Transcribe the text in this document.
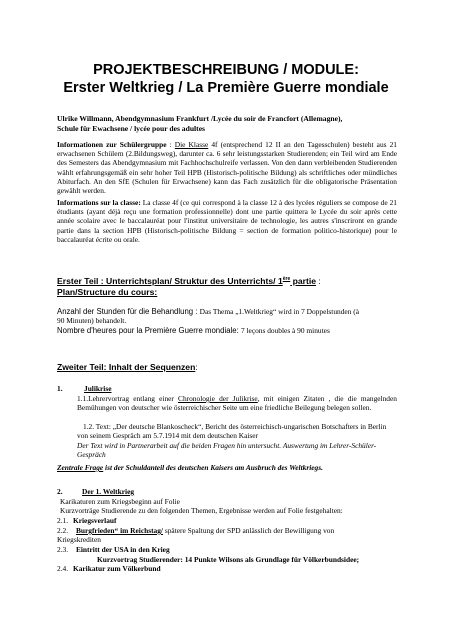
PROJEKTBESCHREIBUNG / MODULE:
Erster Weltkrieg / La Première Guerre mondiale
Ulrike Willmann, Abendgymnasium Frankfurt /Lycée du soir de Francfort (Allemagne),
Schule für Ewachsene / lycée pour des adultes
Informationen zur Schülergruppe : Die Klasse 4f (entsprechend 12 II an den Tagesschulen) besteht aus 21 erwachsenen Schülern (2.Bildungsweg), darunter ca. 6 sehr leistungsstarken Studierenden; ein Teil wird am Ende des Semesters das Abendgymnasium mit Fachhochschulreife verlassen. Von den dann verbleibenden Studierenden wählt erfahrungsgemäß ein sehr hoher Teil HPB (Historisch-politische Bildung) als schriftliches oder mündliches Abiturfach. An den SfE (Schulen für Erwachsene) kann das Fach zusätzlich für die obligatorische Präsentation gewählt werden.
Informations sur la classe: La classe 4f (ce qui correspond à la classe 12 à des lycées réguliers se compose de 21 étudiants (ayant déjà reçu une formation professionnelle) dont une partie quittera le Lycée du soir après cette année scolaire avec le baccalauréat pour l'institut universitaire de technologie, les autres s'inscriront en grande partie dans la section HPB (Historisch-politische Bildung = section de formation politico-historique) pour le baccalauréat écrite ou orale.
Erster Teil : Unterrichtsplan/ Struktur des Unterrichts/ 1ère partie :
Plan/Structure du cours:
Anzahl der Stunden für die Behandlung : Das Thema „1.Weltkrieg“ wird in 7 Doppelstunden (à
90 Minuten) behandelt.
Nombre d'heures pour la Première Guerre mondiale: 7 leçons doubles à 90 minutes
Zweiter Teil: Inhalt der Sequenzen:
1.	Julikrise
1.1.Lehrervortrag entlang einer Chronologie der Julikrise, mit einigen Zitaten , die die mangelnden Bemühungen von deutscher wie österreichischer Seite um eine friedliche Beilegung belegen sollen.
1.2. Text: „Der deutsche Blankoscheck“, Bericht des österreichisch-ungarischen Botschafters in Berlin von seinem Gespräch am 5.7.1914 mit dem deutschen Kaiser
Der Text wird in Partnerarbeit auf die beiden Fragen hin untersucht. Auswertung im Lehrer-Schüler-Gespräch
Zentrale Frage ist der Schuldanteil des deutschen Kaisers am Ausbruch des Weltkriegs.
2.	Der 1. Weltkrieg
Karikaturen zum Kriegsbeginn auf Folie
Kurzvorträge Studierende zu den folgenden Themen, Ergebnisse werden auf Folie festgehalten:
2.1. Kriegsverlauf
2.2. Burgfrieden“ im Reichstag/ spätere Spaltung der SPD anlässlich der Bewilligung von
Kriegskrediten
2.3. Eintritt der USA in den Krieg
Kurzvortrag Studierender: 14 Punkte Wilsons als Grundlage für Völkerbundsidee;
2.4. Karikatur zum Völkerbund
